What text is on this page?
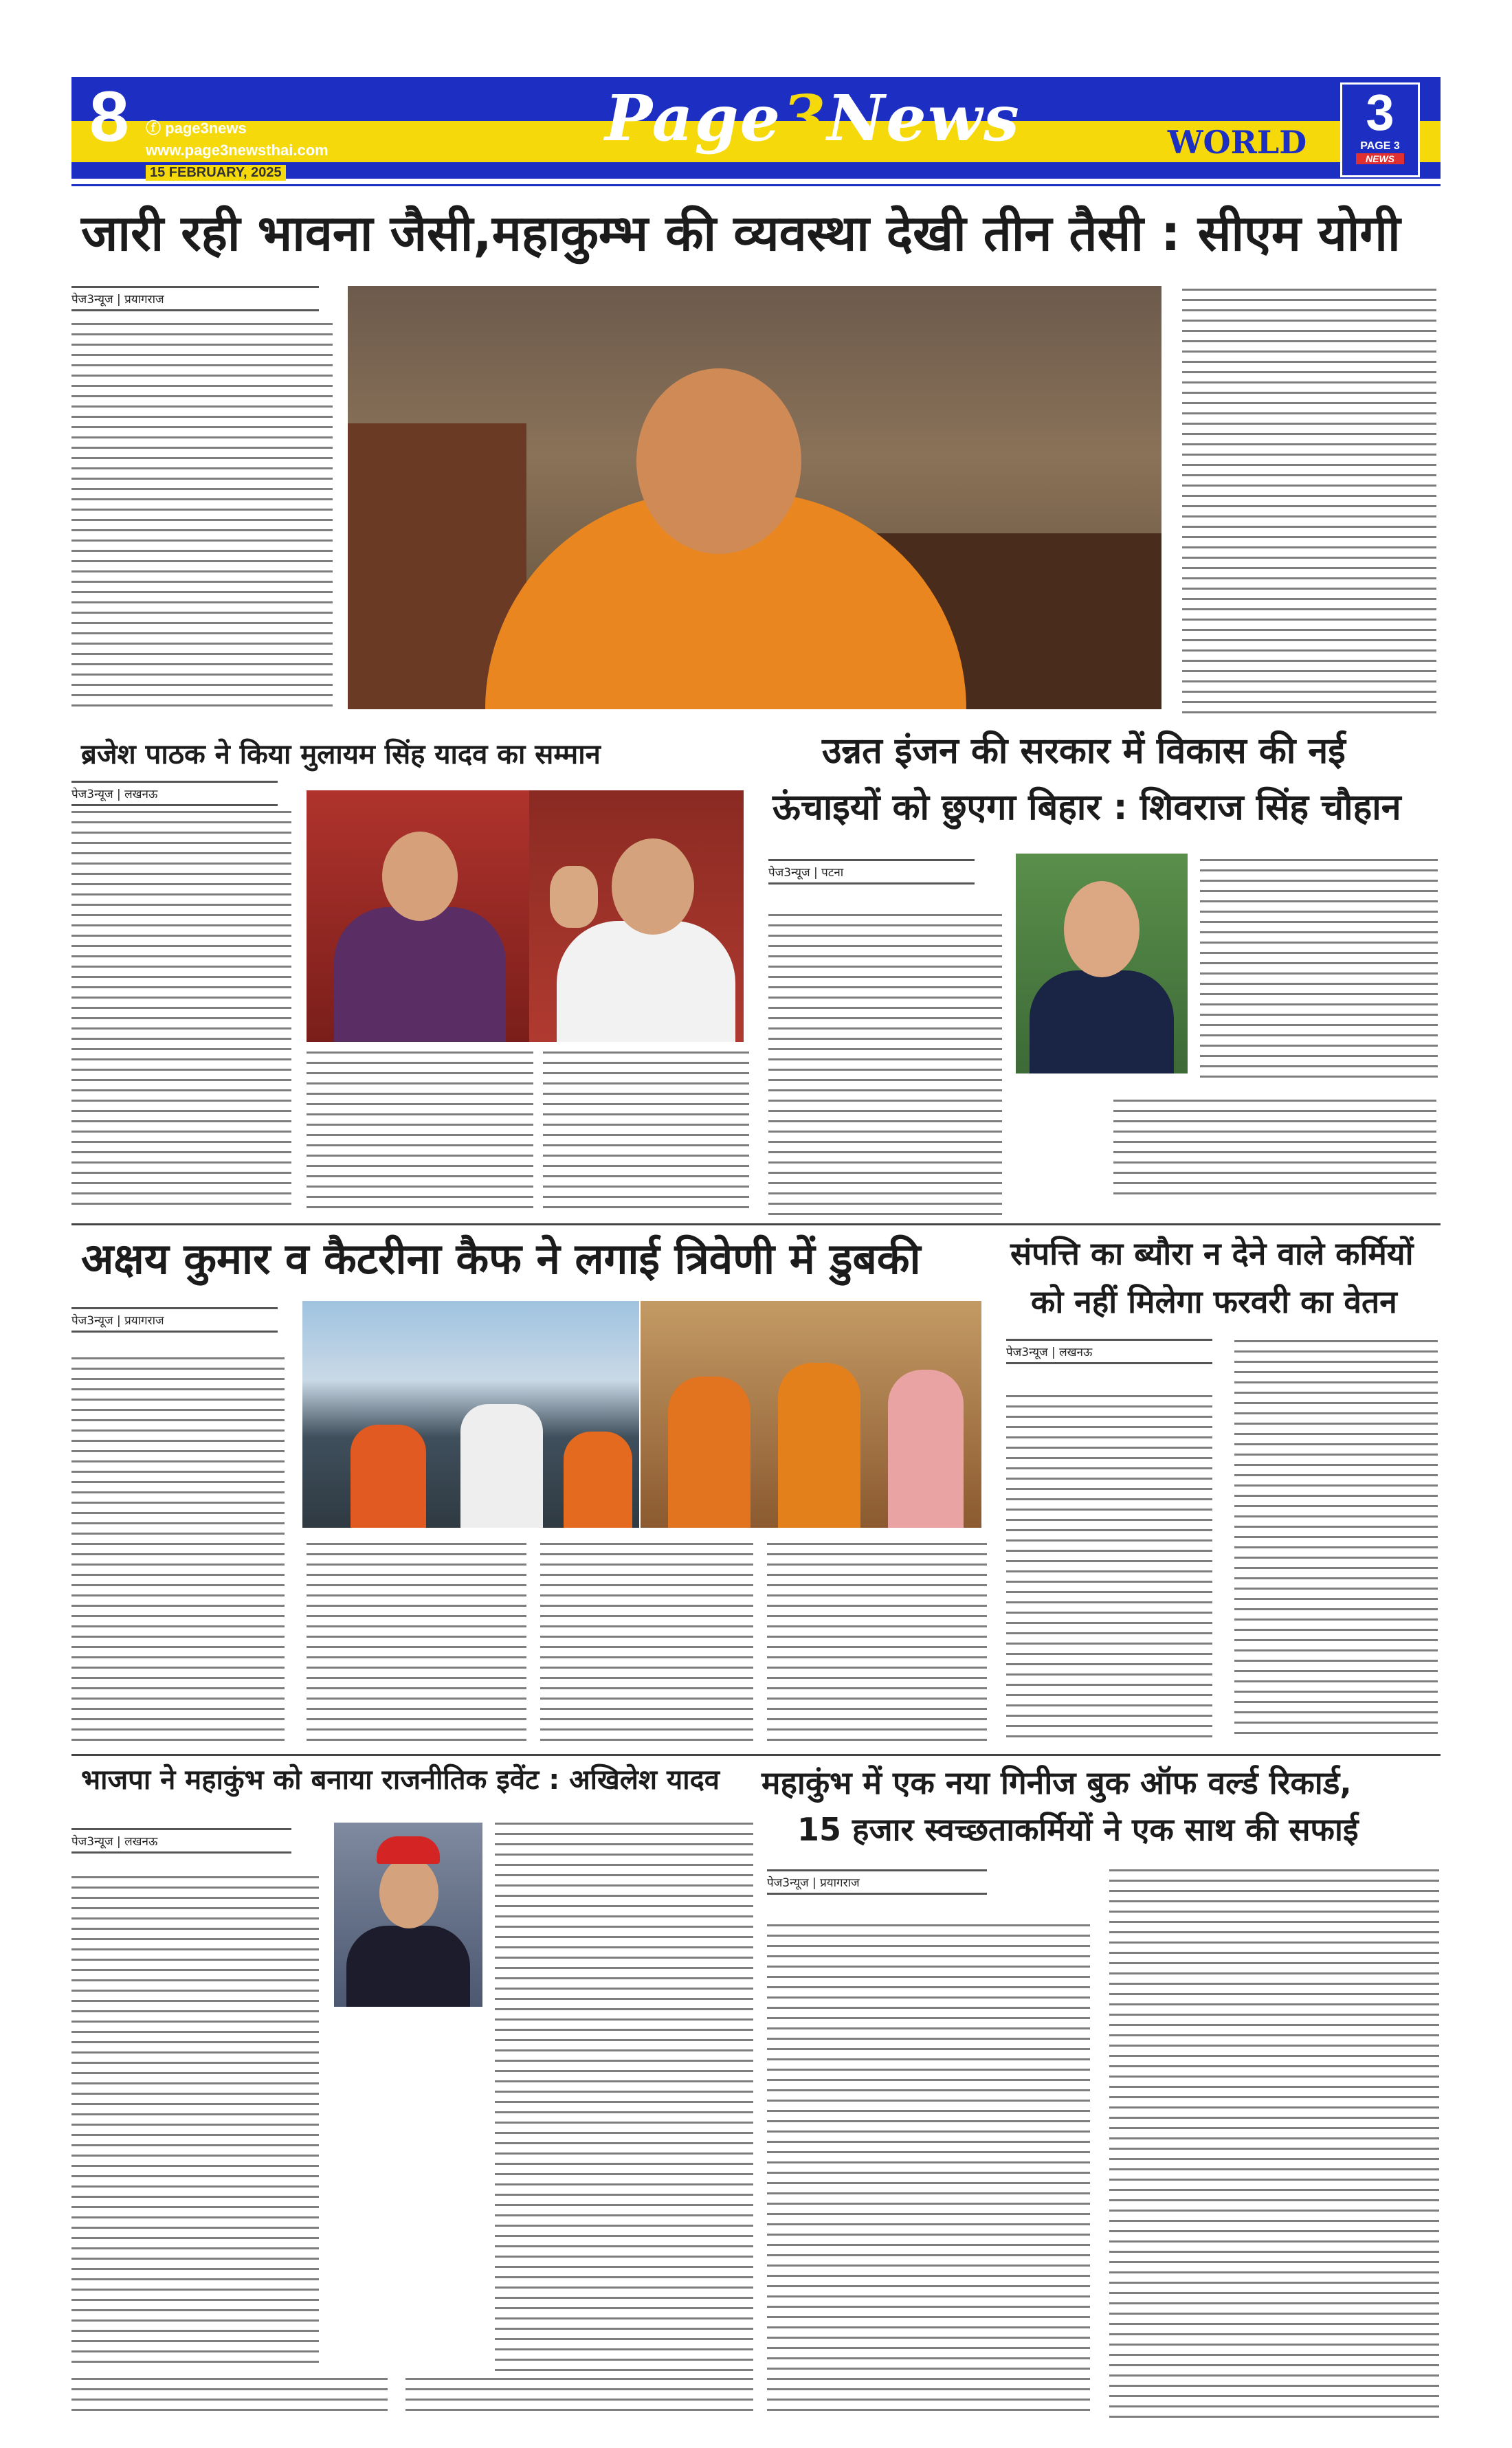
8 ⓕ page3news
www.page3newsthai.com
15 FEBRUARY, 2025
Page3News	WORLD
3
PAGE 3
NEWS
जारी रही भावना जैसी,महाकुम्भ की व्यवस्था देखी तीन तैसी : सीएम योगी
पेज3न्यूज | प्रयागराज
ब्रजेश पाठक ने किया मुलायम सिंह यादव का सम्मान
पेज3न्यूज | लखनऊ
उन्नत इंजन की सरकार में विकास की नई
ऊंचाइयों को छुएगा बिहार : शिवराज सिंह चौहान
पेज3न्यूज | पटना
अक्षय कुमार व कैटरीना कैफ ने लगाई त्रिवेणी में डुबकी
पेज3न्यूज | प्रयागराज
संपत्ति का ब्यौरा न देने वाले कर्मियों
को नहीं मिलेगा फरवरी का वेतन
पेज3न्यूज | लखनऊ
भाजपा ने महाकुंभ को बनाया राजनीतिक इवेंट : अखिलेश यादव
पेज3न्यूज | लखनऊ
महाकुंभ में एक नया गिनीज बुक ऑफ वर्ल्ड रिकार्ड,
15 हजार स्वच्छताकर्मियों ने एक साथ की सफाई
पेज3न्यूज | प्रयागराज
